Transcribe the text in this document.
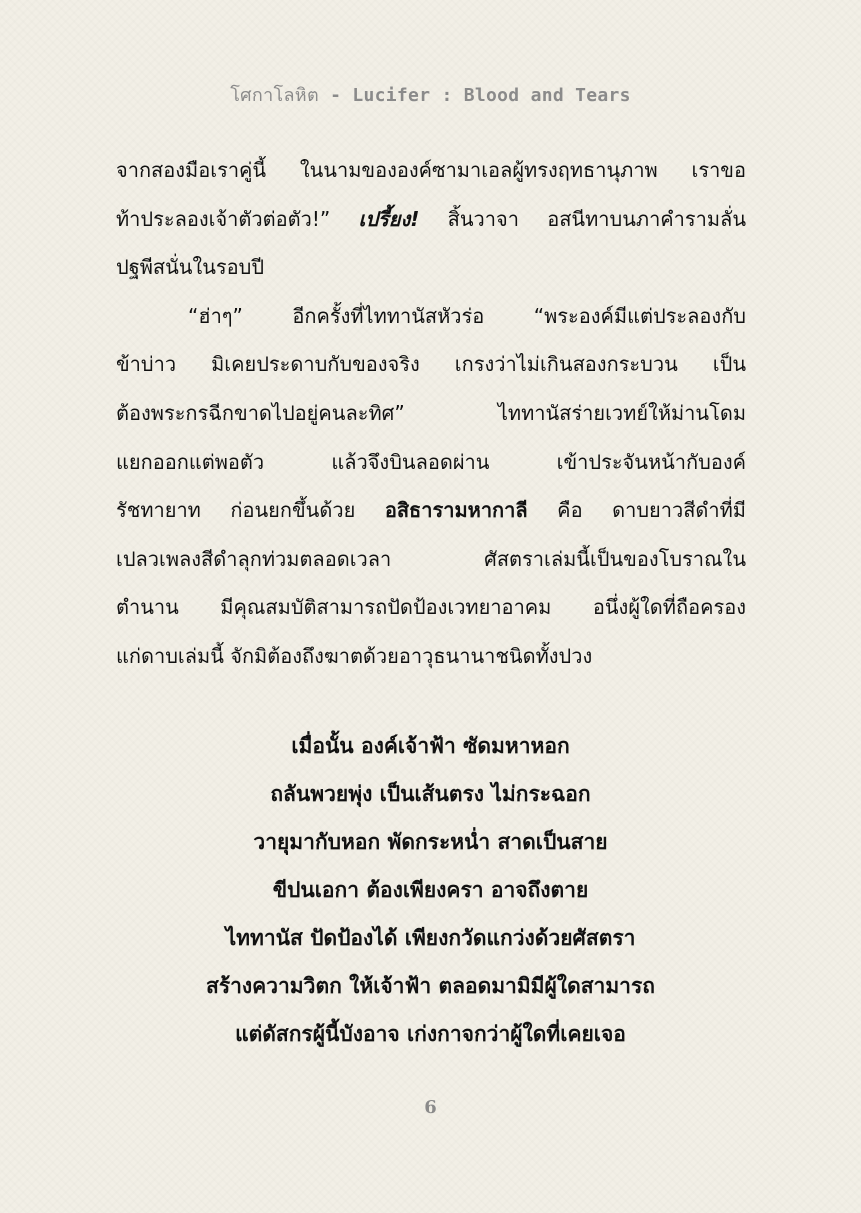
โศกาโลหิต - Lucifer : Blood and Tears
จากสองมือเราคู่นี้ ในนามขององค์ซามาเอลผู้ทรงฤทธานุภาพ เราขอ
ท้าประลองเจ้าตัวต่อตัว!” เปรี้ยง! สิ้นวาจา อสนีทาบนภาคำรามลั่น
ปฐพีสนั่นในรอบปี
“ฮ่าๆ” อีกครั้งที่ไททานัสหัวร่อ “พระองค์มีแต่ประลองกับ
ข้าบ่าว มิเคยประดาบกับของจริง เกรงว่าไม่เกินสองกระบวน เป็น
ต้องพระกรฉีกขาดไปอยู่คนละทิศ” ไททานัสร่ายเวทย์ให้ม่านโดม
แยกออกแต่พอตัว แล้วจึงบินลอดผ่าน เข้าประจันหน้ากับองค์
รัชทายาท ก่อนยกขึ้นด้วย อสิธารามหากาลี คือ ดาบยาวสีดำที่มี
เปลวเพลงสีดำลุกท่วมตลอดเวลา ศัสตราเล่มนี้เป็นของโบราณใน
ตำนาน มีคุณสมบัติสามารถปัดป้องเวทยาอาคม อนึ่งผู้ใดที่ถือครอง
แก่ดาบเล่มนี้ จักมิต้องถึงฆาตด้วยอาวุธนานาชนิดทั้งปวง
เมื่อนั้น องค์เจ้าฟ้า ซัดมหาหอก
ถลันพวยพุ่ง เป็นเส้นตรง ไม่กระฉอก
วายุมากับหอก พัดกระหน่ำ สาดเป็นสาย
ขีปนเอกา ต้องเพียงครา อาจถึงตาย
ไททานัส ปัดป้องได้ เพียงกวัดแกว่งด้วยศัสตรา
สร้างความวิตก ให้เจ้าฟ้า ตลอดมามิมีผู้ใดสามารถ
แต่ดัสกรผู้นี้บังอาจ เก่งกาจกว่าผู้ใดที่เคยเจอ
6
